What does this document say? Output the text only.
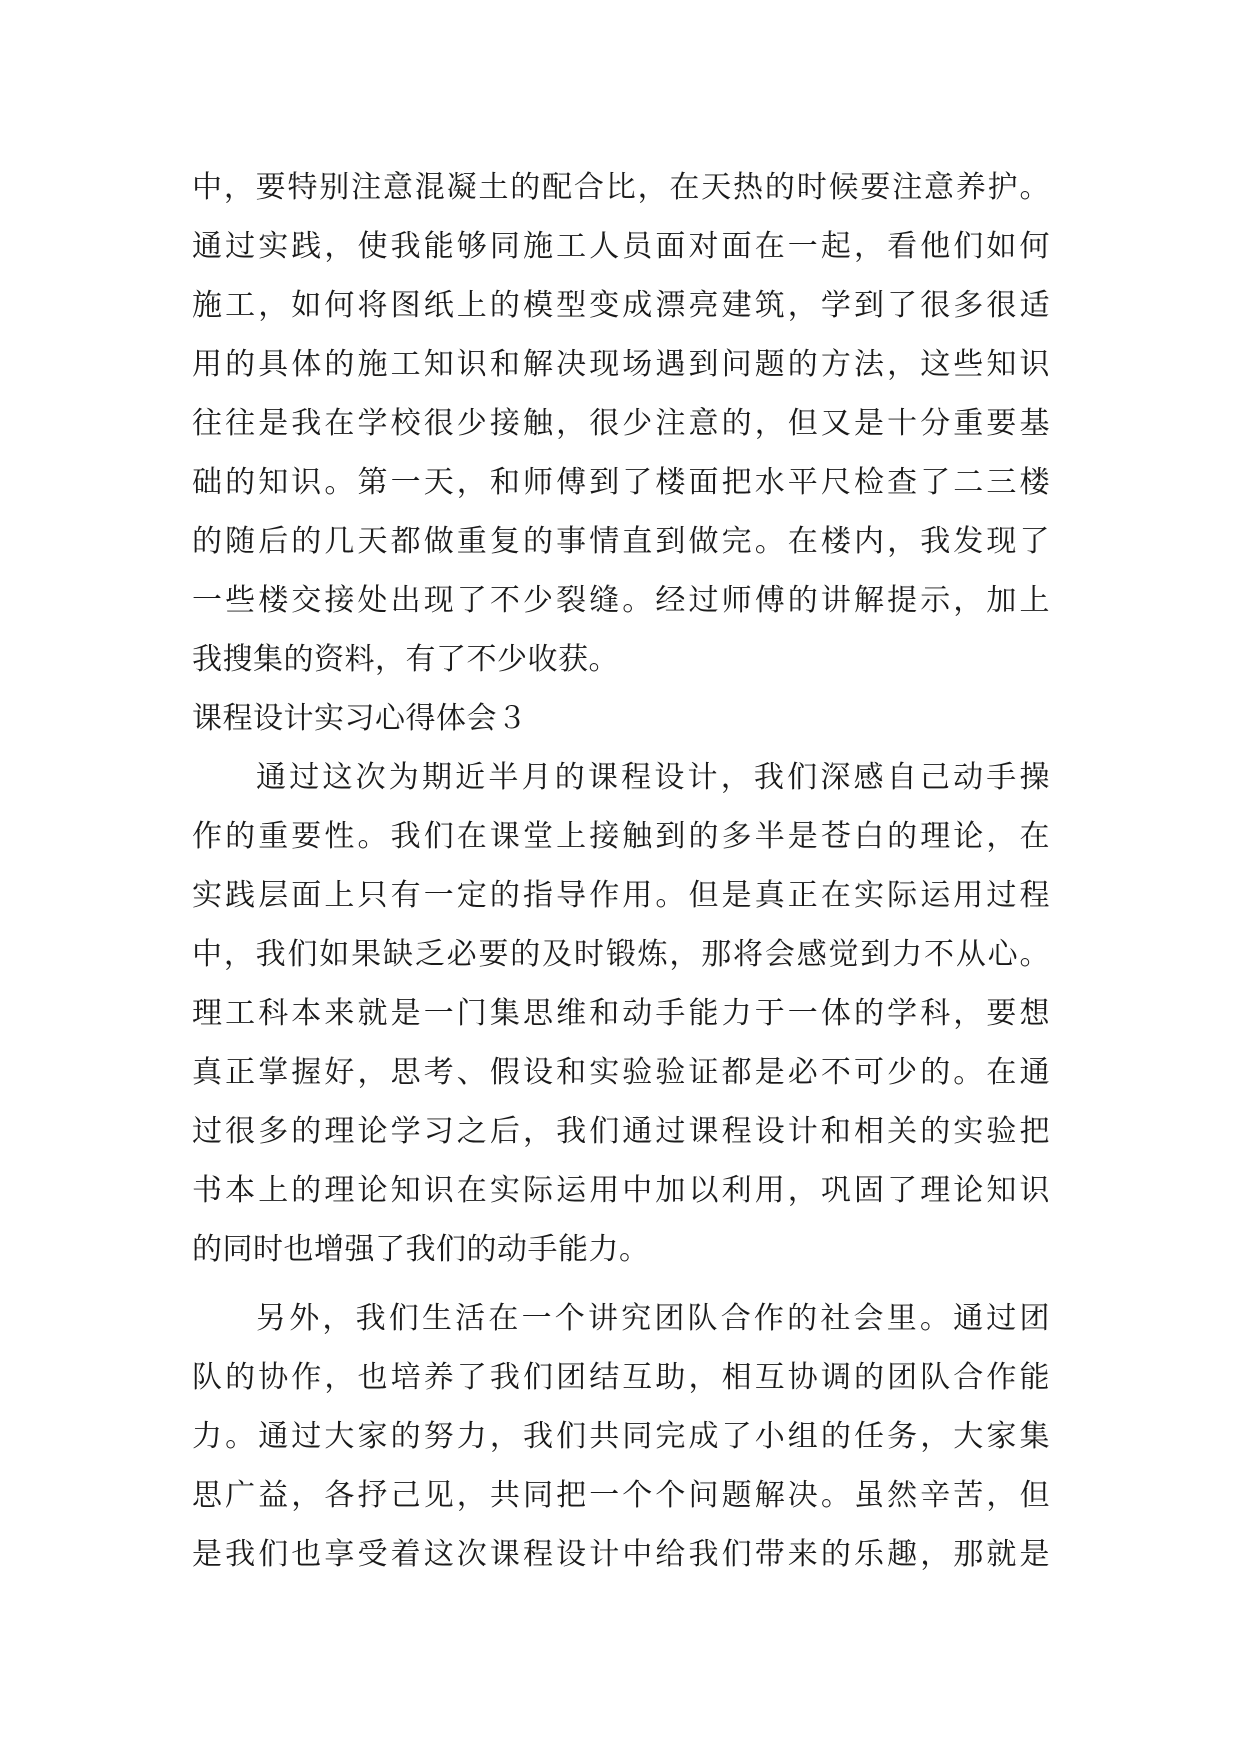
中，要特别注意混凝土的配合比，在天热的时候要注意养护。
通过实践，使我能够同施工人员面对面在一起，看他们如何
施工，如何将图纸上的模型变成漂亮建筑，学到了很多很适
用的具体的施工知识和解决现场遇到问题的方法，这些知识
往往是我在学校很少接触，很少注意的，但又是十分重要基
础的知识。第一天，和师傅到了楼面把水平尺检查了二三楼
的随后的几天都做重复的事情直到做完。在楼内，我发现了
一些楼交接处出现了不少裂缝。经过师傅的讲解提示，加上
我搜集的资料，有了不少收获。
课程设计实习心得体会３
通过这次为期近半月的课程设计，我们深感自己动手操
作的重要性。我们在课堂上接触到的多半是苍白的理论，在
实践层面上只有一定的指导作用。但是真正在实际运用过程
中，我们如果缺乏必要的及时锻炼，那将会感觉到力不从心。
理工科本来就是一门集思维和动手能力于一体的学科，要想
真正掌握好，思考、假设和实验验证都是必不可少的。在通
过很多的理论学习之后，我们通过课程设计和相关的实验把
书本上的理论知识在实际运用中加以利用，巩固了理论知识
的同时也增强了我们的动手能力。
另外，我们生活在一个讲究团队合作的社会里。通过团
队的协作，也培养了我们团结互助，相互协调的团队合作能
力。通过大家的努力，我们共同完成了小组的任务，大家集
思广益，各抒己见，共同把一个个问题解决。虽然辛苦，但
是我们也享受着这次课程设计中给我们带来的乐趣，那就是
